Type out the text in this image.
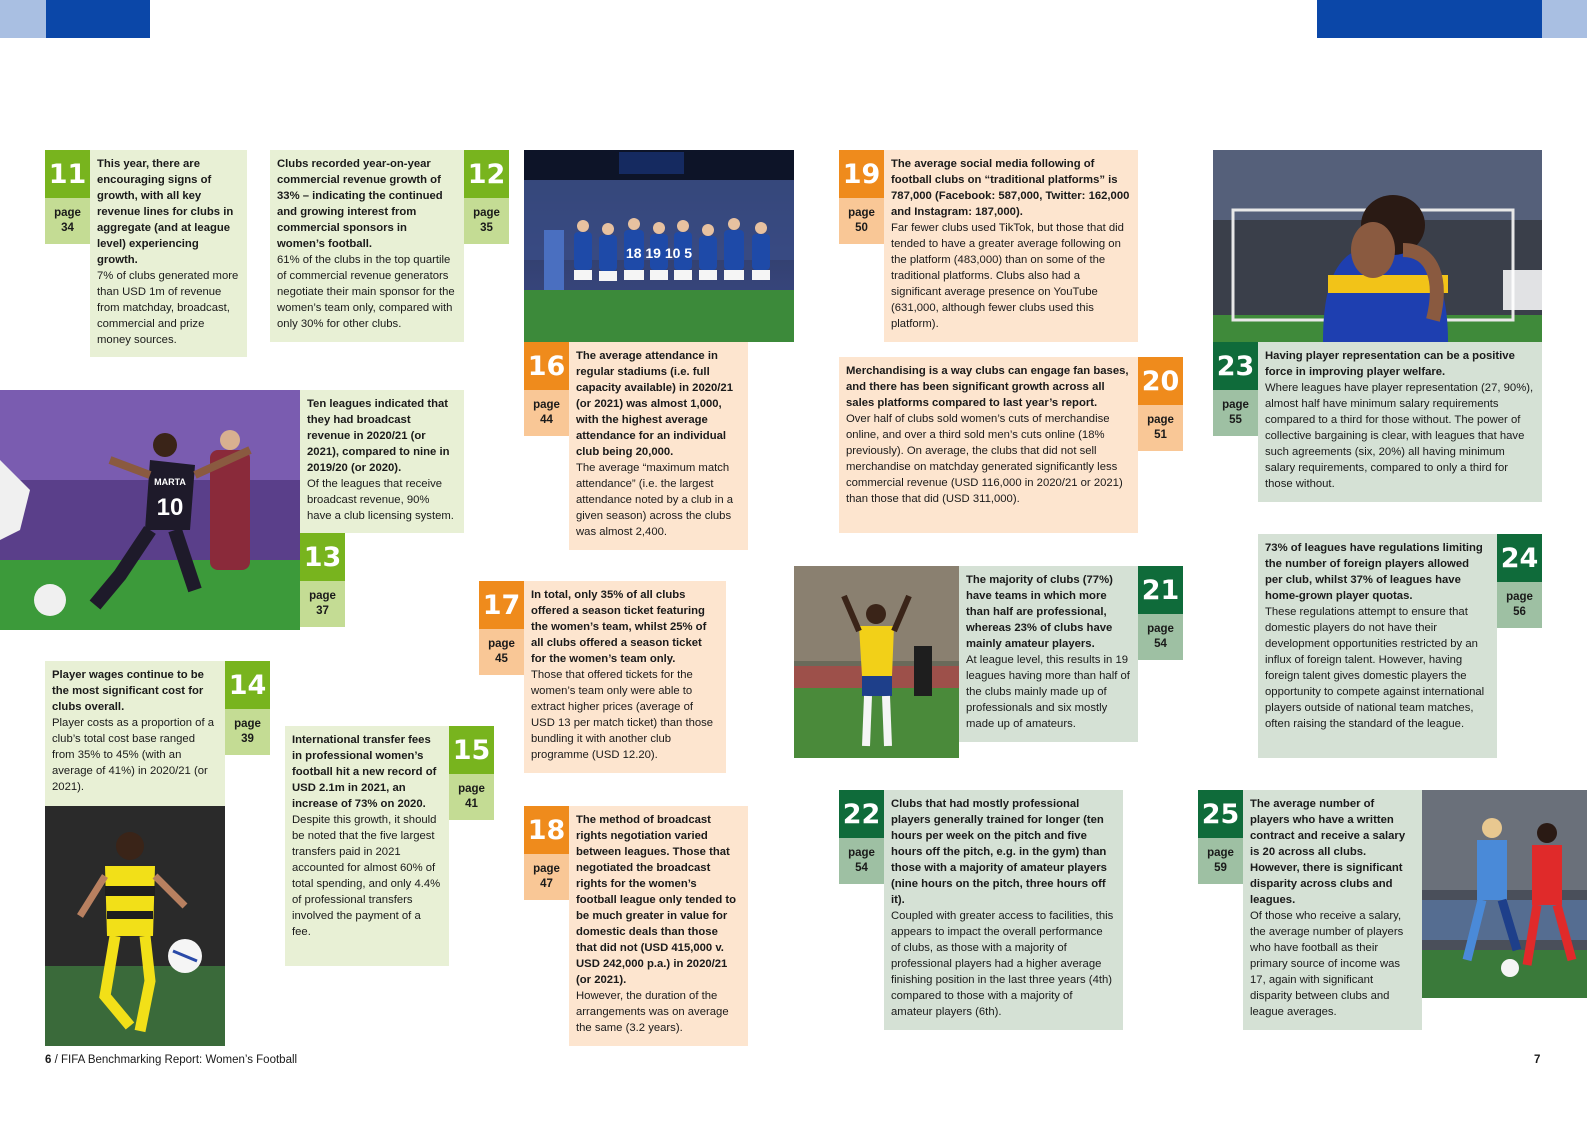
11
page
34
This year, there are encouraging signs of growth, with all key revenue lines for clubs in aggregate (and at league level) experiencing growth.
7% of clubs generated more than USD 1m of revenue from matchday, broadcast, commercial and prize money sources.
Clubs recorded year-on-year commercial revenue growth of 33% – indicating the continued and growing interest from commercial sponsors in women’s football.
61% of the clubs in the top quartile of commercial revenue generators negotiate their main sponsor for the women’s team only, compared with only 30% for other clubs.
12
page
35
18 19 10 5
16
page
44
The average attendance in regular stadiums (i.e. full capacity available) in 2020/21 (or 2021) was almost 1,000, with the highest average attendance for an individual club being 20,000.
The average “maximum match attendance” (i.e. the largest attendance noted by a club in a given season) across the clubs was almost 2,400.
19
page
50
The average social media following of football clubs on “traditional platforms” is 787,000 (Facebook: 587,000, Twitter: 162,000 and Instagram: 187,000).
Far fewer clubs used TikTok, but those that did tended to have a greater average following on the platform (483,000) than on some of the traditional platforms. Clubs also had a significant average presence on YouTube (631,000, although fewer clubs used this platform).
23
page
55
Having player representation can be a positive force in improving player welfare.
Where leagues have player representation (27, 90%), almost half have minimum salary requirements compared to a third for those without. The power of collective bargaining is clear, with leagues that have such agreements (six, 20%) all having minimum salary requirements, compared to only a third for those without.
MARTA
10
Ten leagues indicated that they had broadcast revenue in 2020/21 (or 2021), compared to nine in 2019/20 (or 2020).
Of the leagues that receive broadcast revenue, 90% have a club licensing system.
13
page
37	17
page
45
In total, only 35% of all clubs offered a season ticket featuring the women’s team, whilst 25% of all clubs offered a season ticket for the women’s team only.
Those that offered tickets for the women’s team only were able to extract higher prices (average of USD 13 per match ticket) than those bundling it with another club programme (USD 12.20).
Merchandising is a way clubs can engage fan bases, and there has been significant growth across all sales platforms compared to last year’s report.
Over half of clubs sold women’s cuts of merchandise online, and over a third sold men’s cuts online (18% previously). On average, the clubs that did not sell merchandise on matchday generated significantly less commercial revenue (USD 116,000 in 2020/21 or 2021) than those that did (USD 311,000).
20
page
51
The majority of clubs (77%) have teams in which more than half are professional, whereas 23% of clubs have mainly amateur players.
At league level, this results in 19 leagues having more than half of the clubs mainly made up of professionals and six mostly made up of amateurs.
21
page
54
73% of leagues have regulations limiting the number of foreign players allowed per club, whilst 37% of leagues have home-grown player quotas.
These regulations attempt to ensure that domestic players do not have their development opportunities restricted by an influx of foreign talent. However, having foreign talent gives domestic players the opportunity to compete against international players outside of national team matches, often raising the standard of the league.
24
page
56
Player wages continue to be the most significant cost for clubs overall.
Player costs as a proportion of a club’s total cost base ranged from 35% to 45% (with an average of 41%) in 2020/21 (or 2021).
14
page
39	International transfer fees in professional women’s football hit a new record of USD 2.1m in 2021, an increase of 73% on 2020.
Despite this growth, it should be noted that the five largest transfers paid in 2021 accounted for almost 60% of total spending, and only 4.4% of professional transfers involved the payment of a fee.
15
page
41
18
page
47
The method of broadcast rights negotiation varied between leagues. Those that negotiated the broadcast rights for the women’s football league only tended to be much greater in value for domestic deals than those that did not (USD 415,000 v. USD 242,000 p.a.) in 2020/21 (or 2021).
However, the duration of the arrangements was on average the same (3.2 years).
22
page
54
Clubs that had mostly professional players generally trained for longer (ten hours per week on the pitch and five hours off the pitch, e.g. in the gym) than those with a majority of amateur players (nine hours on the pitch, three hours off it).
Coupled with greater access to facilities, this appears to impact the overall performance of clubs, as those with a majority of professional players had a higher average finishing position in the last three years (4th) compared to those with a majority of amateur players (6th).
25
page
59
The average number of players who have a written contract and receive a salary is 20 across all clubs. However, there is significant disparity across clubs and leagues.
Of those who receive a salary, the average number of players who have football as their primary source of income was 17, again with significant disparity between clubs and league averages.
6 / FIFA Benchmarking Report: Women’s Football	7
